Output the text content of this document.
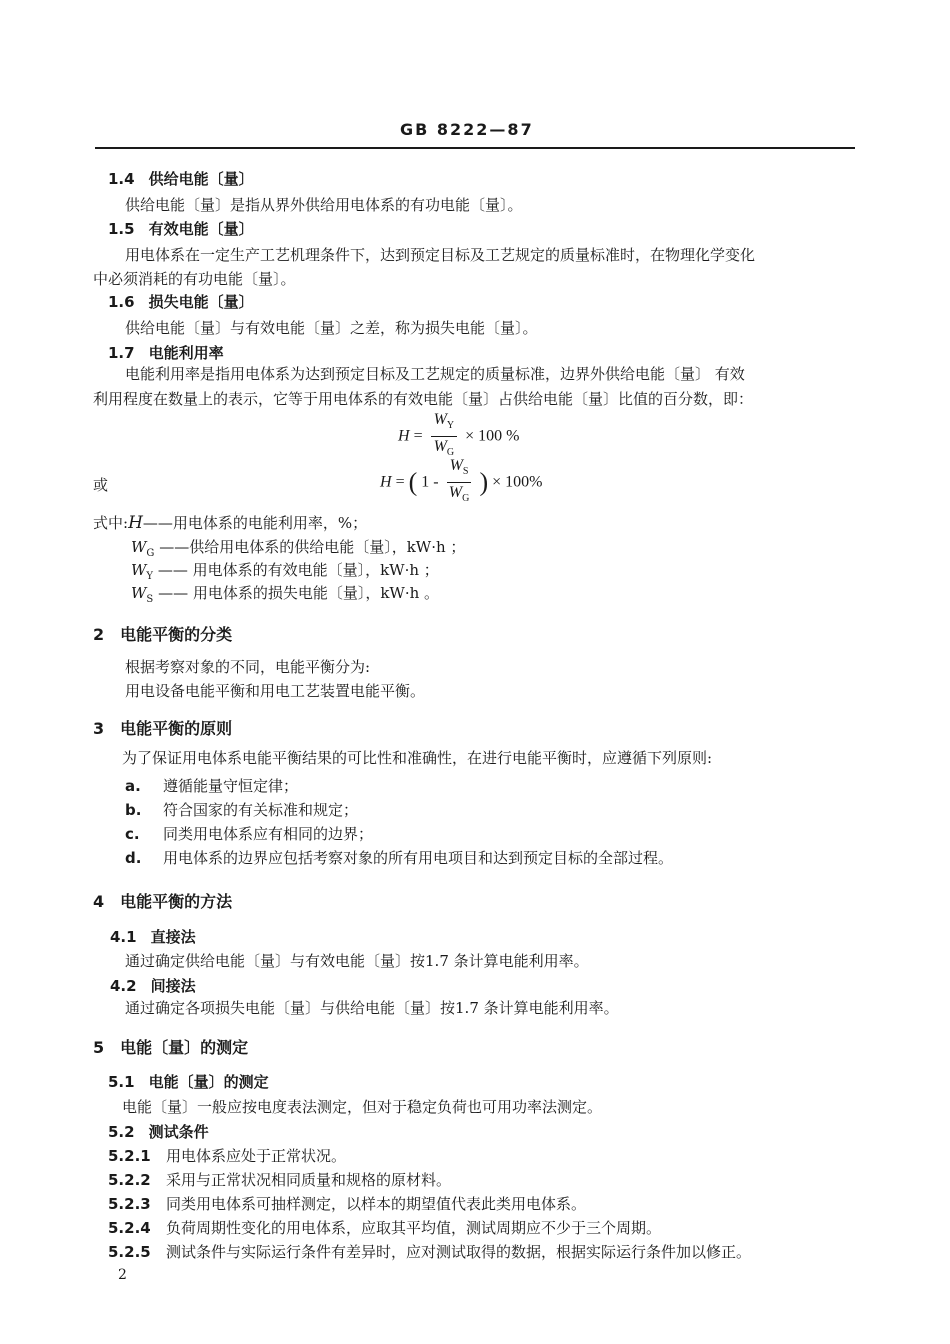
GB 8222—87
1.4 供给电能〔量〕
供给电能〔量〕是指从界外供给用电体系的有功电能〔量〕。
1.5 有效电能〔量〕
用电体系在一定生产工艺机理条件下，达到预定目标及工艺规定的质量标准时，在物理化学变化
中必须消耗的有功电能〔量〕。
1.6 损失电能〔量〕
供给电能〔量〕与有效电能〔量〕之差，称为损失电能〔量〕。
1.7 电能利用率
电能利用率是指用电体系为达到预定目标及工艺规定的质量标准，边界外供给电能〔量〕 有效
利用程度在数量上的表示，它等于用电体系的有效电能〔量〕占供给电能〔量〕比值的百分数，即：
$H = \frac{W_Y}{W_G} \times 100$ %
或	H = ( $1 - \frac{W_S}{W_G}$ ) × 100%
式中:H——用电体系的电能利用率，%；
$W_G$ ——供给用电体系的供给电能〔量〕，kW·h ；
$W_Y$ —— 用电体系的有效电能〔量〕，kW·h ；
$W_S$ —— 用电体系的损失电能〔量〕，kW·h 。
2 电能平衡的分类
根据考察对象的不同，电能平衡分为:
用电设备电能平衡和用电工艺装置电能平衡。
3 电能平衡的原则
为了保证用电体系电能平衡结果的可比性和准确性，在进行电能平衡时，应遵循下列原则:
a. 遵循能量守恒定律；
b. 符合国家的有关标准和规定；
c. 同类用电体系应有相同的边界；
d. 用电体系的边界应包括考察对象的所有用电项目和达到预定目标的全部过程。
4 电能平衡的方法
4.1 直接法
通过确定供给电能〔量〕与有效电能〔量〕按1.7 条计算电能利用率。
4.2 间接法
通过确定各项损失电能〔量〕与供给电能〔量〕按1.7 条计算电能利用率。
5 电能〔量〕的测定
5.1 电能〔量〕的测定
电能〔量〕一般应按电度表法测定，但对于稳定负荷也可用功率法测定。
5.2 测试条件
5.2.1 用电体系应处于正常状况。
5.2.2 采用与正常状况相同质量和规格的原材料。
5.2.3 同类用电体系可抽样测定，以样本的期望值代表此类用电体系。
5.2.4 负荷周期性变化的用电体系，应取其平均值，测试周期应不少于三个周期。
5.2.5 测试条件与实际运行条件有差异时，应对测试取得的数据，根据实际运行条件加以修正。
2
